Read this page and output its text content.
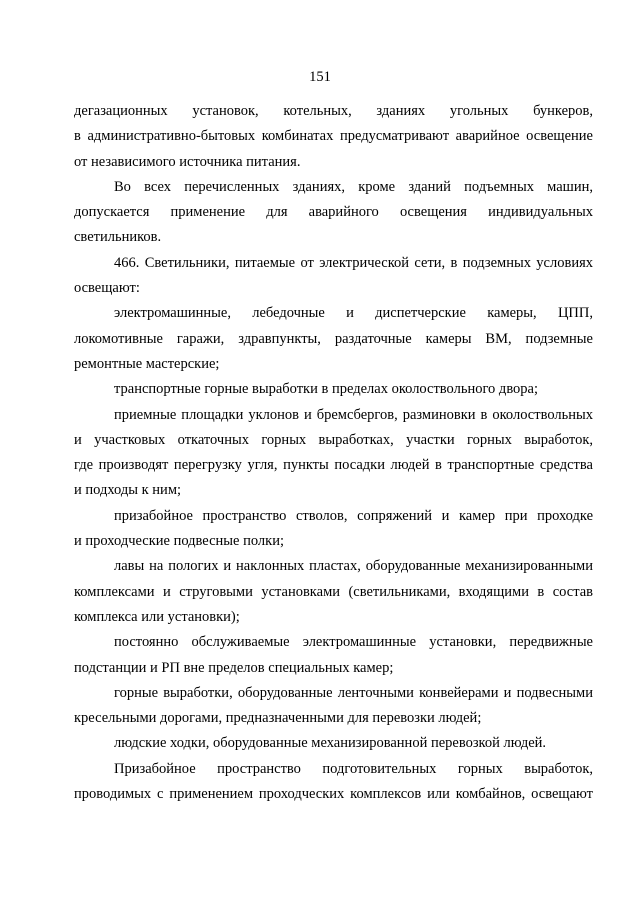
151
дегазационных установок, котельных, зданиях угольных бункеров,
в административно-бытовых комбинатах предусматривают аварийное освещение
от независимого источника питания.
Во всех перечисленных зданиях, кроме зданий подъемных машин,
допускается применение для аварийного освещения индивидуальных
светильников.
466. Светильники, питаемые от электрической сети, в подземных условиях
освещают:
электромашинные, лебедочные и диспетчерские камеры, ЦПП,
локомотивные гаражи, здравпункты, раздаточные камеры ВМ, подземные
ремонтные мастерские;
транспортные горные выработки в пределах околоствольного двора;
приемные площадки уклонов и бремсбергов, разминовки в околоствольных
и участковых откаточных горных выработках, участки горных выработок,
где производят перегрузку угля, пункты посадки людей в транспортные средства
и подходы к ним;
призабойное пространство стволов, сопряжений и камер при проходке
и проходческие подвесные полки;
лавы на пологих и наклонных пластах, оборудованные механизированными
комплексами и струговыми установками (светильниками, входящими в состав
комплекса или установки);
постоянно обслуживаемые электромашинные установки, передвижные
подстанции и РП вне пределов специальных камер;
горные выработки, оборудованные ленточными конвейерами и подвесными
кресельными дорогами, предназначенными для перевозки людей;
людские ходки, оборудованные механизированной перевозкой людей.
Призабойное пространство подготовительных горных выработок,
проводимых с применением проходческих комплексов или комбайнов, освещают
